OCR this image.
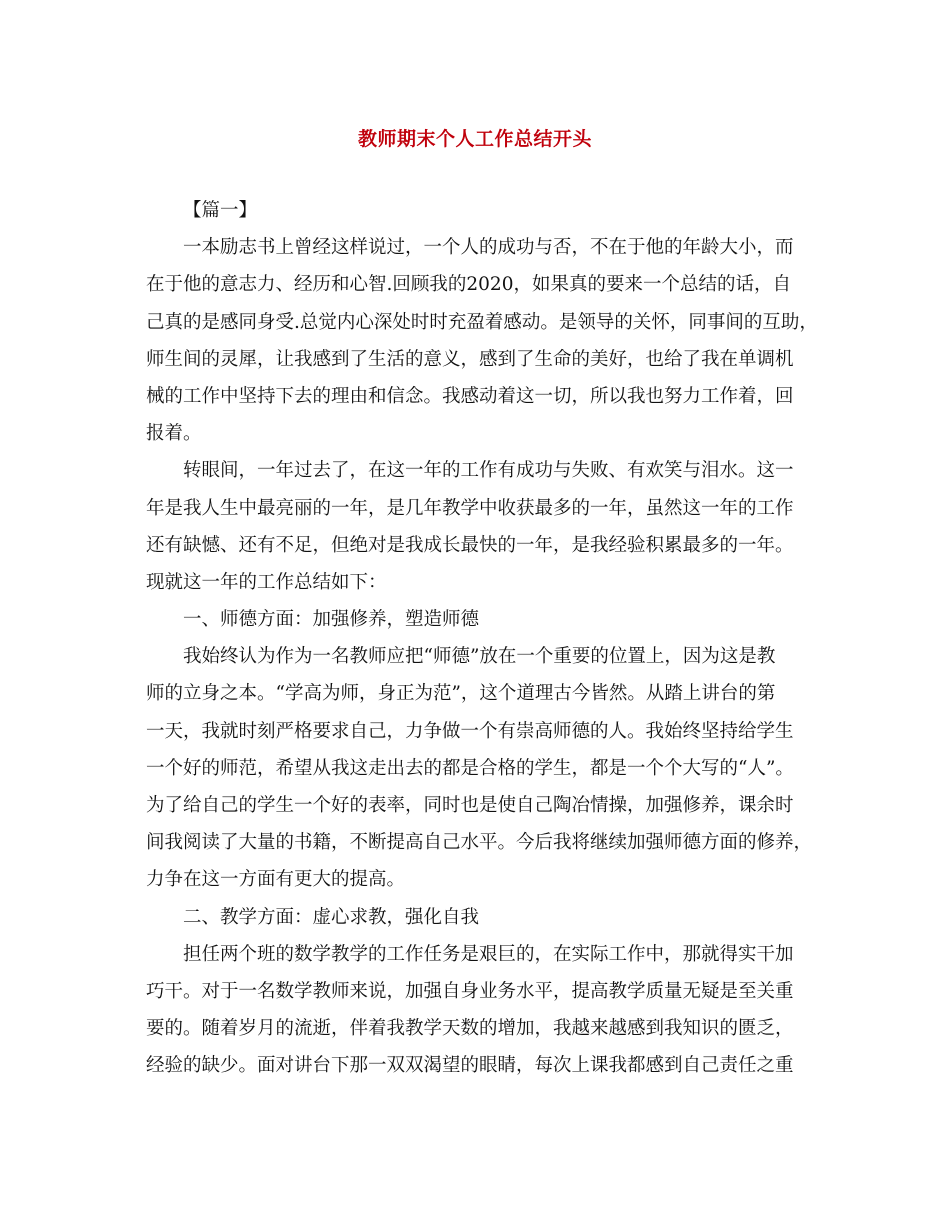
教师期末个人工作总结开头
【篇一】
一本励志书上曾经这样说过，一个人的成功与否，不在于他的年龄大小，而
在于他的意志力、经历和心智.回顾我的2020，如果真的要来一个总结的话，自
己真的是感同身受.总觉内心深处时时充盈着感动。是领导的关怀，同事间的互助，
师生间的灵犀，让我感到了生活的意义，感到了生命的美好，也给了我在单调机
械的工作中坚持下去的理由和信念。我感动着这一切，所以我也努力工作着，回
报着。
转眼间，一年过去了，在这一年的工作有成功与失败、有欢笑与泪水。这一
年是我人生中最亮丽的一年，是几年教学中收获最多的一年，虽然这一年的工作
还有缺憾、还有不足，但绝对是我成长最快的一年，是我经验积累最多的一年。
现就这一年的工作总结如下：
一、师德方面：加强修养，塑造师德
我始终认为作为一名教师应把“师德”放在一个重要的位置上，因为这是教
师的立身之本。“学高为师，身正为范”，这个道理古今皆然。从踏上讲台的第
一天，我就时刻严格要求自己，力争做一个有崇高师德的人。我始终坚持给学生
一个好的师范，希望从我这走出去的都是合格的学生，都是一个个大写的“人”。
为了给自己的学生一个好的表率，同时也是使自己陶冶情操，加强修养，课余时
间我阅读了大量的书籍，不断提高自己水平。今后我将继续加强师德方面的修养，
力争在这一方面有更大的提高。
二、教学方面：虚心求教，强化自我
担任两个班的数学教学的工作任务是艰巨的，在实际工作中，那就得实干加
巧干。对于一名数学教师来说，加强自身业务水平，提高教学质量无疑是至关重
要的。随着岁月的流逝，伴着我教学天数的增加，我越来越感到我知识的匮乏，
经验的缺少。面对讲台下那一双双渴望的眼睛，每次上课我都感到自己责任之重
